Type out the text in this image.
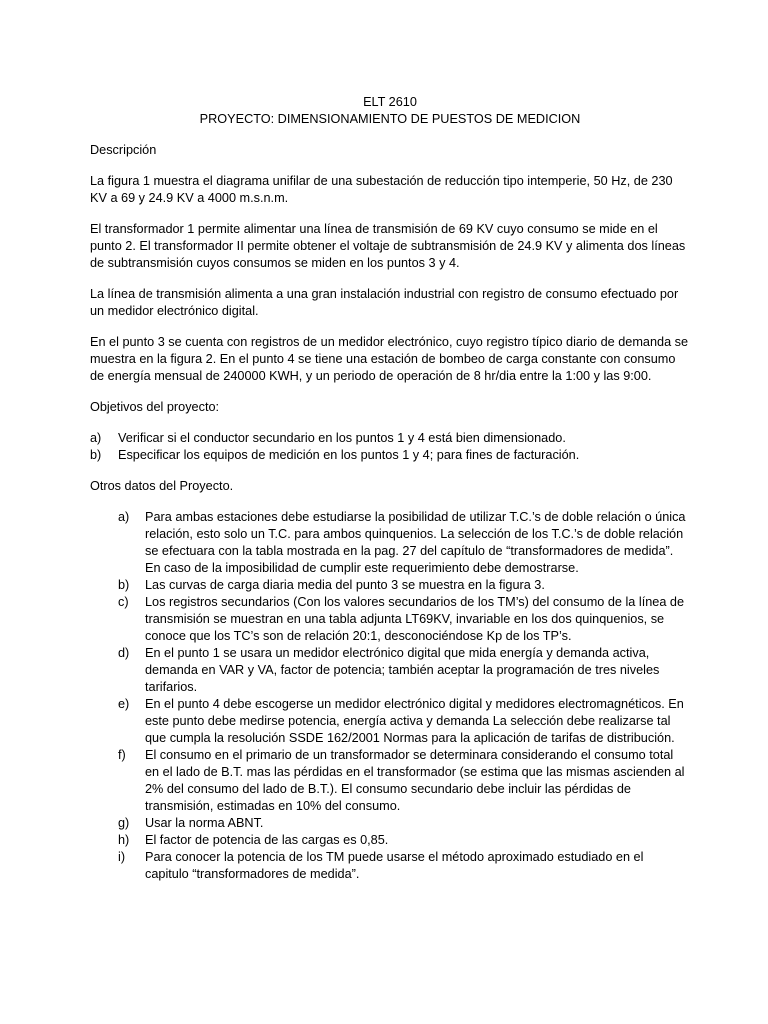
ELT 2610

PROYECTO: DIMENSIONAMIENTO DE PUESTOS DE MEDICION

Descripción

La figura 1 muestra el diagrama unifilar de una subestación de reducción tipo intemperie, 50 Hz, de 230 KV a 69 y 24.9 KV a 4000 m.s.n.m.

El transformador 1 permite alimentar una línea de transmisión de 69 KV cuyo consumo se mide en el punto 2. El transformador II permite obtener el voltaje de subtransmisión de 24.9 KV y alimenta dos líneas de subtransmisión cuyos consumos se miden en los puntos 3 y 4.

La línea de transmisión alimenta a una gran instalación industrial con registro de consumo efectuado por un medidor electrónico digital.

En el punto 3 se cuenta con registros de un medidor electrónico, cuyo registro típico diario de demanda se muestra en la figura 2. En el punto 4 se tiene una estación de bombeo de carga constante con consumo de energía mensual de 240000 KWH, y un periodo de operación de 8 hr/dia entre la 1:00 y las 9:00.

Objetivos del proyecto:

a) Verificar si el conductor secundario en los puntos 1 y 4 está bien dimensionado.
b) Especificar los equipos de medición en los puntos 1 y 4; para fines de facturación.

Otros datos del Proyecto.

a) Para ambas estaciones debe estudiarse la posibilidad de utilizar T.C.’s de doble relación o única relación, esto solo un T.C. para ambos quinquenios. La selección de los T.C.’s de doble relación se efectuara con la tabla mostrada en la pag. 27 del capítulo de “transformadores de medida”. En caso de la imposibilidad de cumplir este requerimiento debe demostrarse.
b) Las curvas de carga diaria media del punto 3 se muestra en la figura 3.
c) Los registros secundarios (Con los valores secundarios de los TM’s) del consumo de la línea de transmisión se muestran en una tabla adjunta LT69KV, invariable en los dos quinquenios, se conoce que los TC’s son de relación 20:1, desconociéndose Kp de los TP’s.
d) En el punto 1 se usara un medidor electrónico digital que mida energía y demanda activa, demanda en VAR y VA, factor de potencia; también aceptar la programación de tres niveles tarifarios.
e) En el punto 4 debe escogerse un medidor electrónico digital y medidores electromagnéticos. En este punto debe medirse potencia, energía activa y demanda La selección debe realizarse tal que cumpla la resolución SSDE 162/2001 Normas para la aplicación de tarifas de distribución.
f) El consumo en el primario de un transformador se determinara considerando el consumo total en el lado de B.T. mas las pérdidas en el transformador (se estima que las mismas ascienden al 2% del consumo del lado de B.T.). El consumo secundario debe incluir las pérdidas de transmisión, estimadas en 10% del consumo.
g) Usar la norma ABNT.
h) El factor de potencia de las cargas es 0,85.
i) Para conocer la potencia de los TM puede usarse el método aproximado estudiado en el capitulo “transformadores de medida”.
